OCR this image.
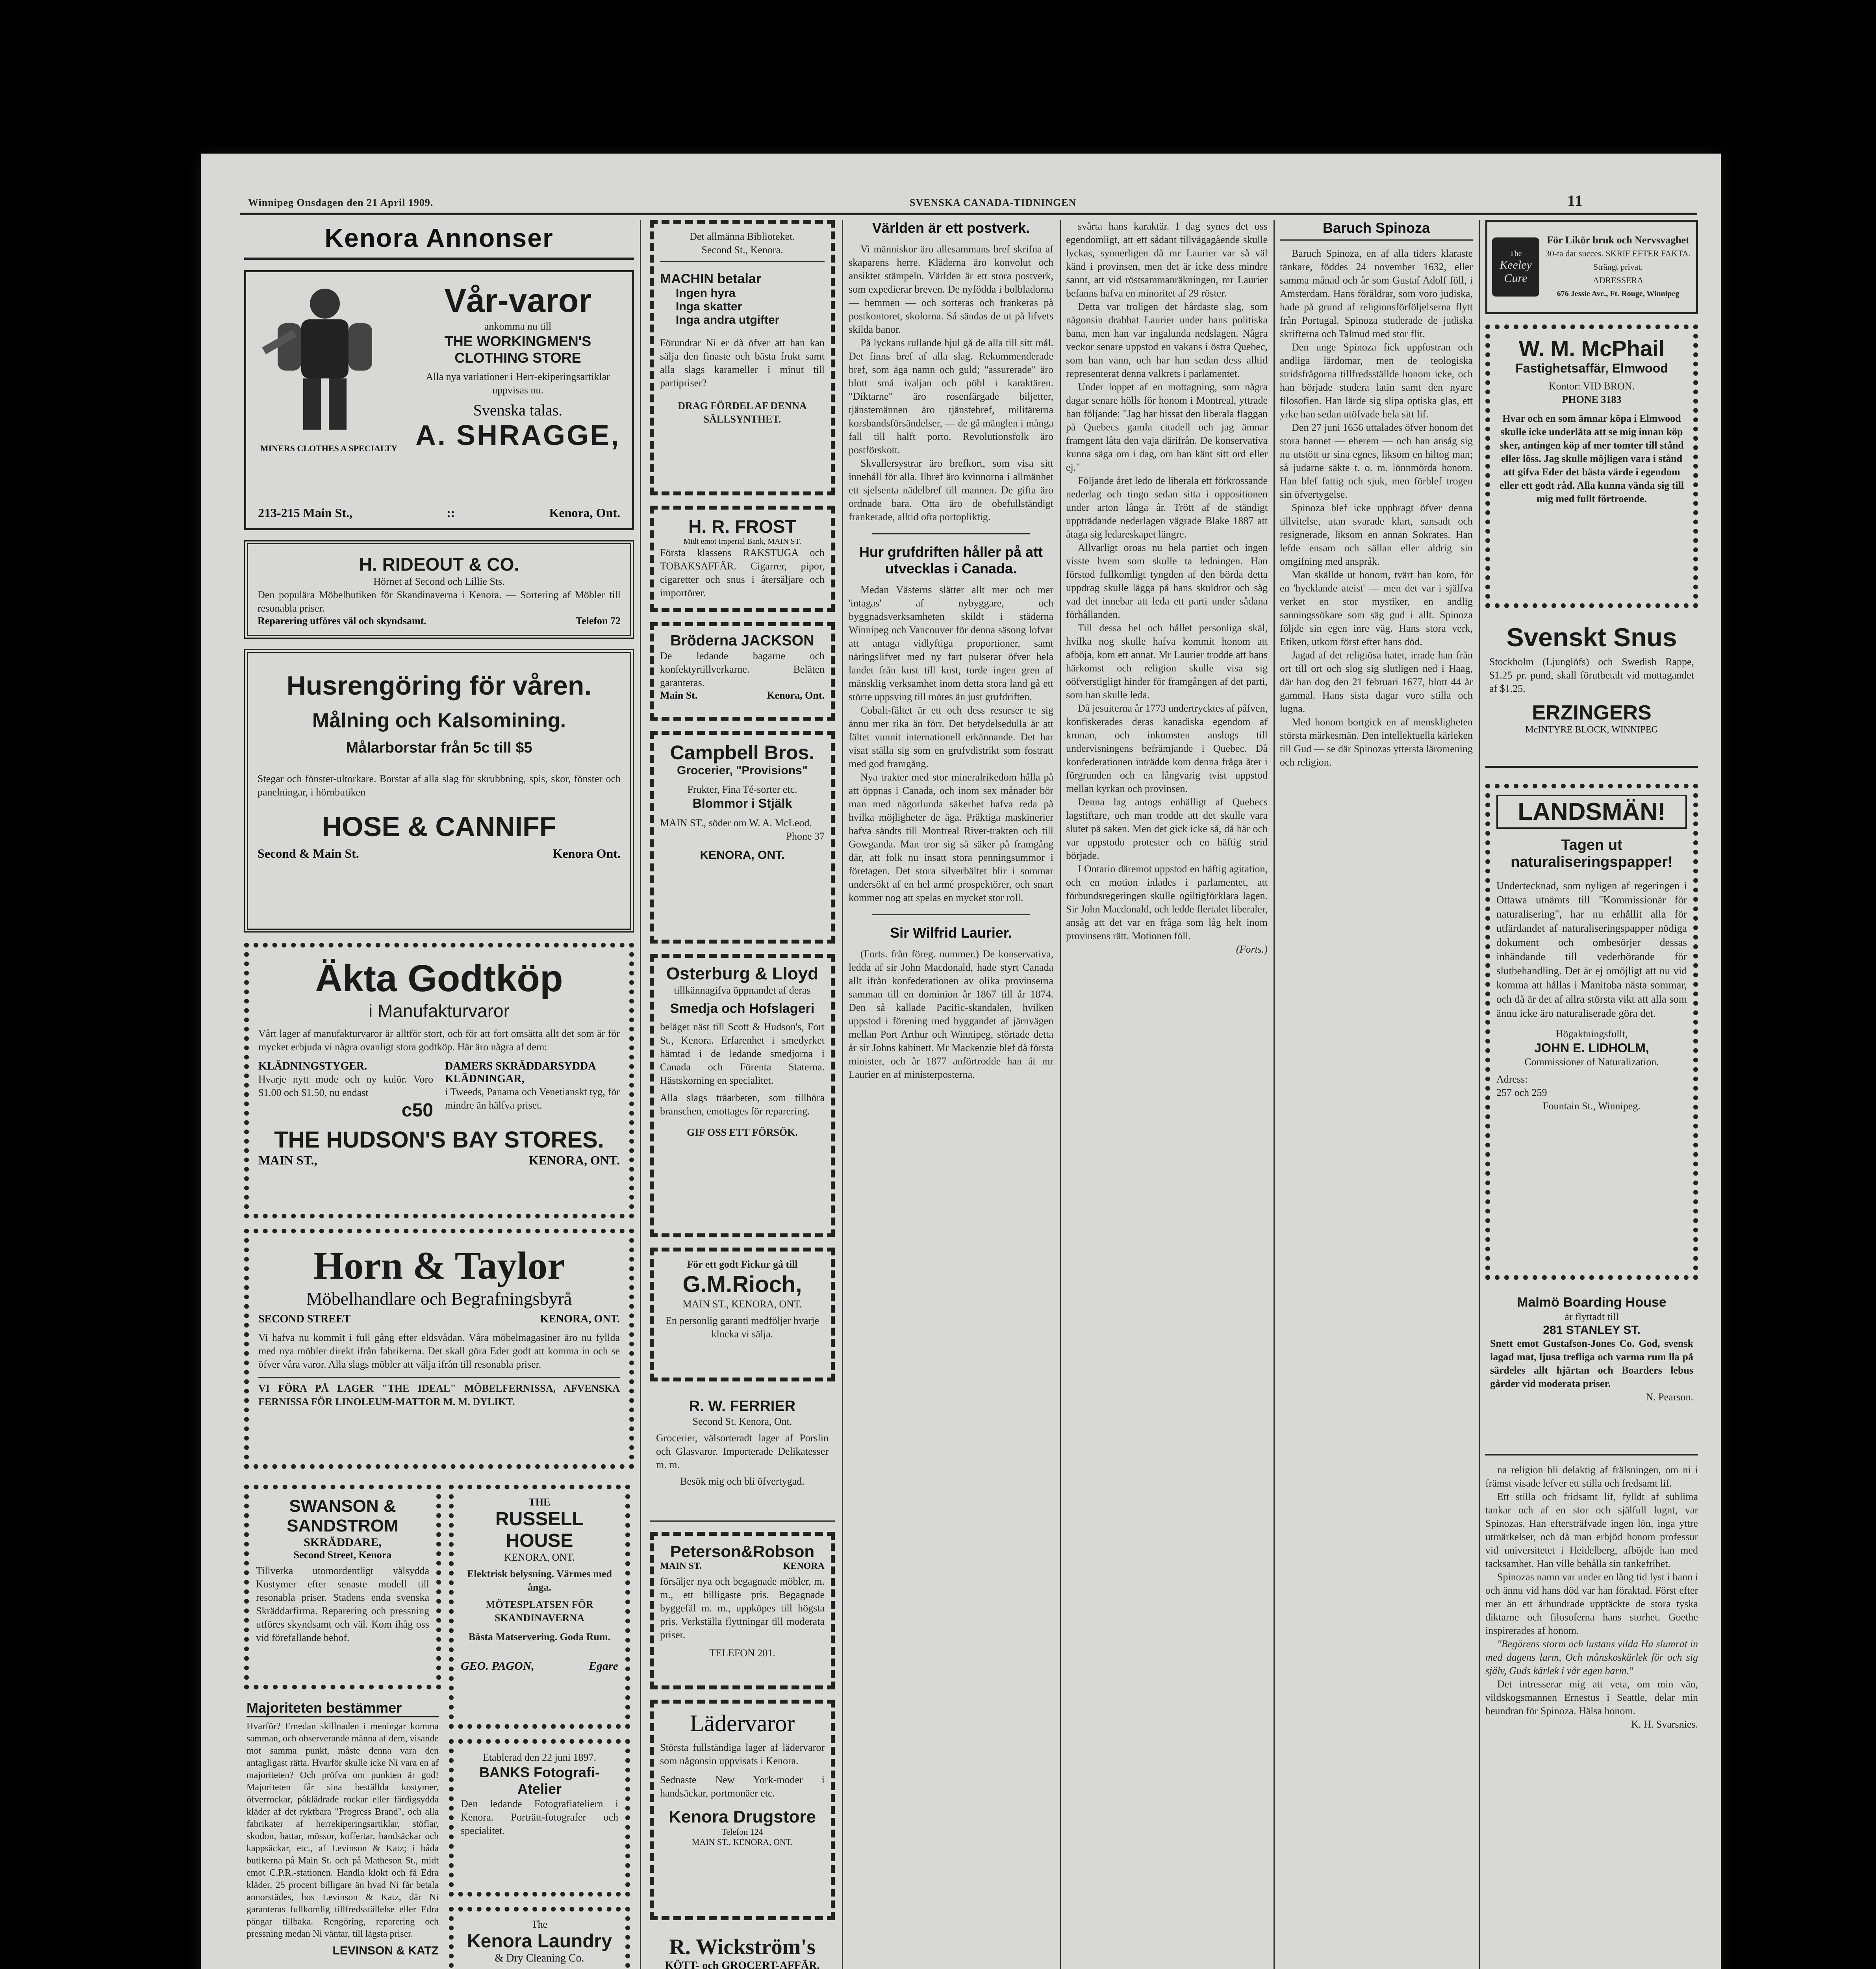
Winnipeg Onsdagen den 21 April 1909.	SVENSKA CANADA-TIDNINGEN	11
Kenora Annonser
MINERS CLOTHES A SPECIALTY
Vår-varor
ankomma nu till
THE WORKINGMEN'S
CLOTHING STORE
Alla nya variationer i Herr-ekiperingsartiklar uppvisas nu.
Svenska talas.
A. SHRAGGE,
213-215 Main St.,	::	Kenora, Ont.
H. RIDEOUT & CO.
Hörnet af Second och Lillie Sts.
Den populära Möbelbutiken för Skandinaverna i Kenora. — Sortering af Möbler till resonabla priser.
Reparering utföres väl och skyndsamt.	Telefon 72
Husrengöring för våren.
Målning och Kalsomining.
Målarborstar från 5c till $5
Stegar och fönster-ultorkare. Borstar af alla slag för skrubbning, spis, skor, fönster och panelningar, i hörnbutiken
HOSE & CANNIFF
Second & Main St.	Kenora Ont.
Äkta Godtköp
i Manufakturvaror
Vårt lager af manufakturvaror är alltför stort, och för att fort omsätta allt det som är för mycket erbjuda vi några ovanligt stora godtköp. Här äro några af dem:
KLÄDNINGSTYGER.
Hvarje nytt mode och ny kulör. Voro $1.00 och $1.50, nu endast
c50
DAMERS SKRÄDDARSYDDA KLÄDNINGAR,
i Tweeds, Panama och Venetianskt tyg, för mindre än hälfva priset.
THE HUDSON'S BAY STORES.
MAIN ST.,	KENORA, ONT.
Horn & Taylor
Möbelhandlare och Begrafningsbyrå
SECOND STREET	KENORA, ONT.
Vi hafva nu kommit i full gång efter eldsvådan. Våra möbelmagasiner äro nu fyllda med nya möbler direkt ifrån fabrikerna. Det skall göra Eder godt att komma in och se öfver våra varor. Alla slags möbler att välja ifrån till resonabla priser.
VI FÖRA PÅ LAGER "THE IDEAL" MÖBELFERNISSA, AFVENSKA FERNISSA FÖR LINOLEUM-MATTOR M. M. DYLIKT.
SWANSON & SANDSTROM
SKRÄDDARE,
Second Street, Kenora
Tillverka utomordentligt välsydda Kostymer efter senaste modell till resonabla priser. Stadens enda svenska Skräddarfirma. Reparering och pressning utföres skyndsamt och väl. Kom ihåg oss vid förefallande behof.
Majoriteten bestämmer
Hvarför? Emedan skillnaden i meningar komma samman, och observerande männa af dem, visande mot samma punkt, måste denna vara den antagligast rätta. Hvarför skulle icke Ni vara en af majoriteten? Och pröfva om punkten är god! Majoriteten får sina beställda kostymer, öfverrockar, påklädrade rockar eller färdigsydda kläder af det ryktbara "Progress Brand", och alla fabrikater af herrekiperingsartiklar, stöflar, skodon, hattar, mössor, koffertar, handsäckar och kappsäckar, etc., af Levinson & Katz; i båda butikerna på Main St. och på Matheson St., midt emot C.P.R.-stationen. Handla klokt och få Edra kläder, 25 procent billigare än hvad Ni får betala annorstädes, hos Levinson & Katz, där Ni garanteras fullkomlig tillfredsställelse eller Edra pängar tillbaka. Rengöring, reparering och pressning medan Ni väntar, till lägsta priser.
LEVINSON & KATZ
THE
RUSSELL HOUSE
KENORA, ONT.
Elektrisk belysning. Värmes med ånga.
MÖTESPLATSEN FÖR SKANDINAVERNA
Bästa Matservering. Goda Rum.
GEO. PAGON,	Egare
Etablerad den 22 juni 1897.
BANKS Fotografi-Atelier
Den ledande Fotografiateliern i Kenora. Porträtt-fotografer och specialitet.
The
Kenora Laundry
& Dry Cleaning Co.
Det allmänna Biblioteket.
Second St., Kenora.
MACHIN betalar
Ingen hyra
Inga skatter
Inga andra utgifter
Förundrar Ni er då öfver att han kan sälja den finaste och bästa frukt samt alla slags karameller i minut till partipriser?
DRAG FÖRDEL AF DENNA SÄLLSYNTHET.
H. R. FROST
Midt emot Imperial Bank, MAIN ST.
Första klassens RAKSTUGA och TOBAKSAFFÄR. Cigarrer, pipor, cigaretter och snus i återsäljare och importörer.
Bröderna JACKSON
De ledande bagarne och konfektyrtillverkarne. Beläten garanteras.
Main St.	Kenora, Ont.
Campbell Bros.
Grocerier, "Provisions"
Frukter, Fina Té-sorter etc.
Blommor i Stjälk
MAIN ST., söder om W. A. McLeod.
Phone 37
KENORA, ONT.
Osterburg & Lloyd
tillkännagifva öppnandet af deras
Smedja och Hofslageri
beläget näst till Scott & Hudson's, Fort St., Kenora. Erfarenhet i smedyrket hämtad i de ledande smedjorna i Canada och Förenta Staterna. Hästskorning en specialitet.
Alla slags träarbeten, som tillhöra branschen, emottages för reparering.
GIF OSS ETT FÖRSÖK.
För ett godt Fickur gå till
G.M.Rioch,
MAIN ST., KENORA, ONT.
En personlig garanti medföljer hvarje klocka vi sälja.
R. W. FERRIER
Second St. Kenora, Ont.
Grocerier, välsorteradt lager af Porslin och Glasvaror. Importerade Delikatesser m. m.
Besök mig och bli öfvertygad.
Peterson&Robson
MAIN ST.	KENORA
försäljer nya och begagnade möbler, m. m., ett billigaste pris. Begagnade byggefäl m. m., uppköpes till högsta pris. Verkställa flyttningar till moderata priser.
TELEFON 201.
Lädervaror
Största fullständiga lager af lädervaror som någonsin uppvisats i Kenora.
Sednaste New York-moder i handsäckar, portmonäer etc.
Kenora Drugstore
Telefon 124
MAIN ST., KENORA, ONT.
R. Wickström's
KÖTT- och GROCERT-AFFÄR.
Världen är ett postverk.

Vi människor äro allesammans bref skrifna af skaparens herre. Kläderna äro konvolut och ansiktet stämpeln. Världen är ett stora postverk, som expedierar breven. De nyfödda i bolbladorna — hemmen — och sorteras och frankeras på postkontoret, skolorna. Så sändas de ut på lifvets skilda banor.

På lyckans rullande hjul gå de alla till sitt mål. Det finns bref af alla slag. Rekommenderade bref, som äga namn och guld; "assurerade" äro blott små ivaljan och pöbl i karaktären. "Diktarne" äro rosenfärgade biljetter, tjänstemännen äro tjänstebref, militärerna korsbandsförsändelser, — de gå mänglen i många fall till halft porto. Revolutionsfolk äro postförskott.

Skvallersystrar äro brefkort, som visa sitt innehåll för alla. Ilbref äro kvinnorna i allmänhet ett sjelsenta nädelbref till mannen. De gifta äro ordnade bara. Otta äro de obefullständigt frankerade, alltid ofta portopliktig.

Hur grufdriften håller på att utvecklas i Canada.

Medan Västerns slätter allt mer och mer 'intagas' af nybyggare, och byggnadsverksamheten skildt i städerna Winnipeg och Vancouver för denna säsong lofvar att antaga vidlyftiga proportioner, samt näringslifvet med ny fart pulserar öfver hela landet från kust till kust, torde ingen gren af mänsklig verksamhet inom detta stora land gå ett större uppsving till mötes än just grufdriften.

Cobalt-fältet är ett och dess resurser te sig ännu mer rika än förr. Det betydelsedulla är att fältet vunnit internationell erkännande. Det har visat ställa sig som en grufvdistrikt som fostratt med god framgång.

Nya trakter med stor mineralrikedom hålla på att öppnas i Canada, och inom sex månader bör man med någorlunda säkerhet hafva reda på hvilka möjligheter de äga. Präktiga maskinerier hafva sändts till Montreal River-trakten och till Gowganda. Man tror sig så säker på framgång där, att folk nu insatt stora penningsummor i företagen. Det stora silverbältet blir i sommar undersökt af en hel armé prospektörer, och snart kommer nog att spelas en mycket stor roll.

Sir Wilfrid Laurier.

(Forts. från föreg. nummer.) De konservativa, ledda af sir John Macdonald, hade styrt Canada allt ifrån konfederationen av olika provinserna samman till en dominion år 1867 till år 1874. Den så kallade Pacific-skandalen, hvilken uppstod i förening med byggandet af järnvägen mellan Port Arthur och Winnipeg, störtade detta år sir Johns kabinett. Mr Mackenzie blef då första minister, och år 1877 anförtrodde han åt mr Laurier en af ministerposterna.

svårta hans karaktär. I dag synes det oss egendomligt, att ett sådant tillvägagående skulle lyckas, synnerligen då mr Laurier var så väl känd i provinsen, men det är icke dess mindre sannt, att vid röstsammanräkningen, mr Laurier befanns hafva en minoritet af 29 röster.

Detta var troligen det hårdaste slag, som någonsin drabbat Laurier under hans politiska bana, men han var ingalunda nedslagen. Några veckor senare uppstod en vakans i östra Quebec, som han vann, och har han sedan dess alltid representerat denna valkrets i parlamentet.

Under loppet af en mottagning, som några dagar senare hölls för honom i Montreal, yttrade han följande: "Jag har hissat den liberala flaggan på Quebecs gamla citadell och jag ämnar framgent låta den vaja därifrån. De konservativa kunna säga om i dag, om han känt sitt ord eller ej."

Följande året ledo de liberala ett förkrossande nederlag och tingo sedan sitta i oppositionen under arton långa år. Trött af de ständigt uppträdande nederlagen vägrade Blake 1887 att åtaga sig ledareskapet längre.

Allvarligt oroas nu hela partiet och ingen visste hvem som skulle ta ledningen. Han förstod fullkomligt tyngden af den börda detta uppdrag skulle lägga på hans skuldror och såg vad det innebar att leda ett parti under sådana förhållanden.

Till dessa hel och hållet personliga skäl, hvilka nog skulle hafva kommit honom att afböja, kom ett annat. Mr Laurier trodde att hans härkomst och religion skulle visa sig oöfverstigligt hinder för framgången af det parti, som han skulle leda.

Då jesuiterna år 1773 undertrycktes af påfven, konfiskerades deras kanadiska egendom af kronan, och inkomsten anslogs till undervisningens befrämjande i Quebec. Då konfederationen inträdde kom denna fråga åter i förgrunden och en långvarig tvist uppstod mellan kyrkan och provinsen.

Denna lag antogs enhälligt af Quebecs lagstiftare, och man trodde att det skulle vara slutet på saken. Men det gick icke så, då här och var uppstodo protester och en häftig strid började.

I Ontario däremot uppstod en häftig agitation, och en motion inlades i parlamentet, att förbundsregeringen skulle ogiltigförklara lagen. Sir John Macdonald, och ledde flertalet liberaler, ansåg att det var en fråga som låg helt inom provinsens rätt. Motionen föll.

(Forts.)
Baruch Spinoza

Baruch Spinoza, en af alla tiders klaraste tänkare, föddes 24 november 1632, eller samma månad och år som Gustaf Adolf föll, i Amsterdam. Hans föräldrar, som voro judiska, hade på grund af religionsförföljelserna flytt från Portugal. Spinoza studerade de judiska skrifterna och Talmud med stor flit.

Den unge Spinoza fick uppfostran och andliga lärdomar, men de teologiska stridsfrågorna tillfredsställde honom icke, och han började studera latin samt den nyare filosofien. Han lärde sig slipa optiska glas, ett yrke han sedan utöfvade hela sitt lif.

Den 27 juni 1656 uttalades öfver honom det stora bannet — eherem — och han ansåg sig nu utstött ur sina egnes, liksom en hiltog man; så judarne säkte t. o. m. lönnmörda honom. Han blef fattig och sjuk, men förblef trogen sin öfvertygelse.

Spinoza blef icke uppbragt öfver denna tillvitelse, utan svarade klart, sansadt och resignerade, liksom en annan Sokrates. Han lefde ensam och sällan eller aldrig sin omgifning med anspråk.

Man skällde ut honom, tvärt han kom, för en 'hycklande ateist' — men det var i själfva verket en stor mystiker, en andlig sanningssökare som säg gud i allt. Spinoza följde sin egen inre väg. Hans stora verk, Etiken, utkom först efter hans död.

Jagad af det religiösa hatet, irrade han från ort till ort och slog sig slutligen ned i Haag, där han dog den 21 februari 1677, blott 44 år gammal. Hans sista dagar voro stilla och lugna.

Med honom bortgick en af menskligheten största märkesmän. Den intellektuella kärleken till Gud — se där Spinozas yttersta läromening och religion.

The
Keeley
Cure
För Likör bruk och Nervsvaghet
30-ta dar succes. SKRIF EFTER FAKTA. Strängt privat.
ADRESSERA
676 Jessie Ave., Ft. Rouge, Winnipeg
W. M. McPhail
Fastighetsaffär, Elmwood
Kontor: VID BRON.
PHONE 3183
Hvar och en som ämnar köpa i Elmwood skulle icke underlåta att se mig innan köp sker, antingen köp af mer tomter till stånd eller löss. Jag skulle möjligen vara i stånd att gifva Eder det bästa värde i egendom eller ett godt råd. Alla kunna vända sig till mig med fullt förtroende.
Svenskt Snus
Stockholm (Ljunglöfs) och Swedish Rappe, $1.25 pr. pund, skall förutbetalt vid mottagandet af $1.25.
ERZINGERS
McINTYRE BLOCK, WINNIPEG
LANDSMÄN!
Tagen ut naturaliseringspapper!
Undertecknad, som nyligen af regeringen i Ottawa utnämts till "Kommissionär för naturalisering", har nu erhållit alla för utfärdandet af naturaliseringspapper nödiga dokument och ombesörjer dessas inhändande till vederbörande för slutbehandling. Det är ej omöjligt att nu vid komma att hållas i Manitoba nästa sommar, och då är det af allra största vikt att alla som ännu icke äro naturaliserade göra det.
Högaktningsfullt,
JOHN E. LIDHOLM,
Commissioner of Naturalization.
Adress:
257 och 259
Fountain St., Winnipeg.
Malmö Boarding House
är flyttadt till
281 STANLEY ST.
Snett emot Gustafson-Jones Co. God, svensk lagad mat, ljusa trefliga och varma rum lla på särdeles allt hjärtan och Boarders lebus gårder vid moderata priser.
N. Pearson.

na religion bli delaktig af frälsningen, om ni i främst visade lefver ett stilla och fredsamt lif.

Ett stilla och fridsamt lif, fylldt af sublima tankar och af en stor och själfull lugnt, var Spinozas. Han eftersträfvade ingen lön, inga yttre utmärkelser, och då man erbjöd honom professur vid universitetet i Heidelberg, afböjde han med tacksamhet. Han ville behålla sin tankefrihet.

Spinozas namn var under en lång tid lyst i bann i och ännu vid hans död var han föraktad. Först efter mer än ett århundrade upptäckte de stora tyska diktarne och filosoferna hans storhet. Goethe inspirerades af honom.

"Begärens storm och lustans vilda Ha slumrat in med dagens larm, Och månskoskärlek för och sig själv, Guds kärlek i vår egen barm."

Det intresserar mig att veta, om min vän, vildskogsmannen Ernestus i Seattle, delar min beundran för Spinoza. Hälsa honom.

K. H. Svarsnies.
